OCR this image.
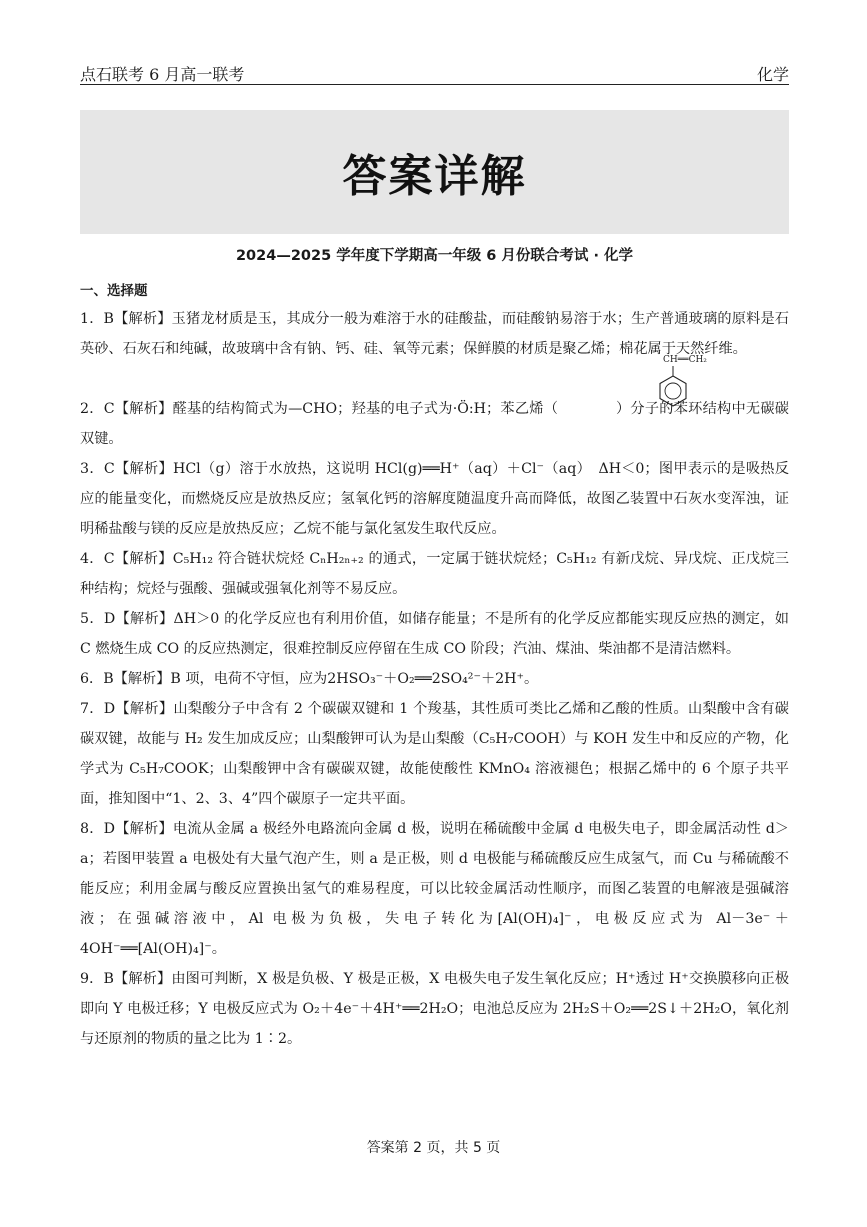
点石联考 6 月高一联考	化学
答案详解
2024—2025 学年度下学期高一年级 6 月份联合考试 · 化学
一、选择题

1．B【解析】玉猪龙材质是玉，其成分一般为难溶于水的硅酸盐，而硅酸钠易溶于水；生产普通玻璃的原料是石英砂、石灰石和纯碱，故玻璃中含有钠、钙、硅、氧等元素；保鲜膜的材质是聚乙烯；棉花属于天然纤维。

CH══CH₂
2．C【解析】醛基的结构简式为—CHO；羟基的电子式为·Ö:H；苯乙烯（　　　　）分子的苯环结构中无碳碳双键。

3．C【解析】HCl（g）溶于水放热，这说明 HCl(g)══H⁺（aq）＋Cl⁻（aq）　ΔH＜0；图甲表示的是吸热反应的能量变化，而燃烧反应是放热反应；氢氧化钙的溶解度随温度升高而降低，故图乙装置中石灰水变浑浊，证明稀盐酸与镁的反应是放热反应；乙烷不能与氯化氢发生取代反应。

4．C【解析】C₅H₁₂ 符合链状烷烃 CₙH₂ₙ₊₂ 的通式，一定属于链状烷烃；C₅H₁₂ 有新戊烷、异戊烷、正戊烷三种结构；烷烃与强酸、强碱或强氧化剂等不易反应。

5．D【解析】ΔH＞0 的化学反应也有利用价值，如储存能量；不是所有的化学反应都能实现反应热的测定，如 C 燃烧生成 CO 的反应热测定，很难控制反应停留在生成 CO 阶段；汽油、煤油、柴油都不是清洁燃料。

6．B【解析】B 项，电荷不守恒，应为2HSO₃⁻＋O₂══2SO₄²⁻＋2H⁺。

7．D【解析】山梨酸分子中含有 2 个碳碳双键和 1 个羧基，其性质可类比乙烯和乙酸的性质。山梨酸中含有碳碳双键，故能与 H₂ 发生加成反应；山梨酸钾可认为是山梨酸（C₅H₇COOH）与 KOH 发生中和反应的产物，化学式为 C₅H₇COOK；山梨酸钾中含有碳碳双键，故能使酸性 KMnO₄ 溶液褪色；根据乙烯中的 6 个原子共平面，推知图中“1、2、3、4”四个碳原子一定共平面。

8．D【解析】电流从金属 a 极经外电路流向金属 d 极，说明在稀硫酸中金属 d 电极失电子，即金属活动性 d＞a；若图甲装置 a 电极处有大量气泡产生，则 a 是正极，则 d 电极能与稀硫酸反应生成氢气，而 Cu 与稀硫酸不能反应；利用金属与酸反应置换出氢气的难易程度，可以比较金属活动性顺序，而图乙装置的电解液是强碱溶液；在强碱溶液中，Al 电极为负极，失电子转化为[Al(OH)₄]⁻，电极反应式为 Al－3e⁻＋4OH⁻══[Al(OH)₄]⁻。

9．B【解析】由图可判断，X 极是负极、Y 极是正极，X 电极失电子发生氧化反应；H⁺透过 H⁺交换膜移向正极即向 Y 电极迁移；Y 电极反应式为 O₂＋4e⁻＋4H⁺══2H₂O；电池总反应为 2H₂S＋O₂══2S↓＋2H₂O，氧化剂与还原剂的物质的量之比为 1∶2。

答案第 2 页，共 5 页
